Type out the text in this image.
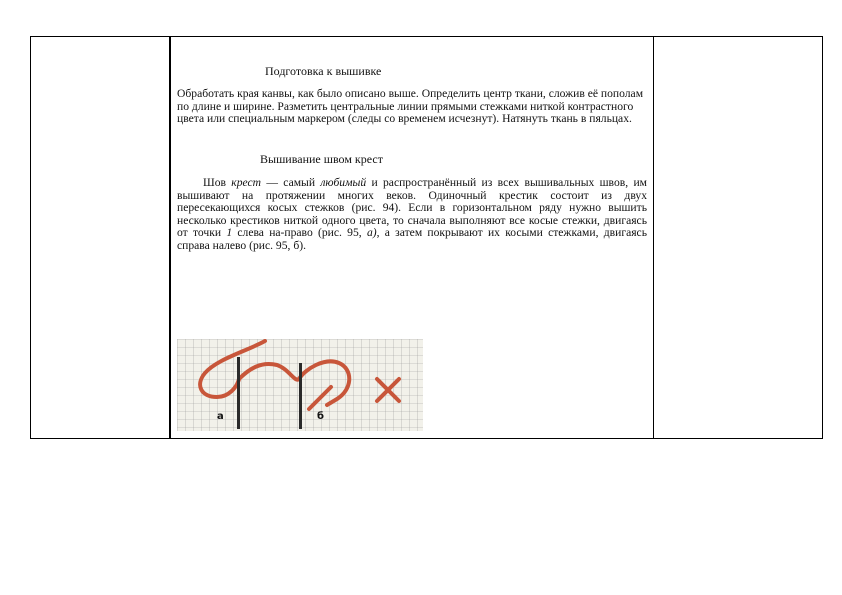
Подготовка к вышивке
Обработать края канвы, как было описано выше. Определить центр ткани, сложив её пополам по длине и ширине. Разметить центральные линии прямыми стежками ниткой контрастного цвета или специальным маркером (следы со временем исчезнут). Натянуть ткань в пяльцах.
Вышивание швом крест
Шов крест — самый любимый и распространённый из всех вышивальных швов, им вышивают на протяжении многих веков. Одиночный крестик состоит из двух пересекающихся косых стежков (рис. 94). Если в горизонтальном ряду нужно вышить несколько крестиков ниткой одного цвета, то сначала выполняют все косые стежки, двигаясь от точки 1 слева на-право (рис. 95, а), а затем покрывают их косыми стежками, двигаясь справа налево (рис. 95, б).
а	б
